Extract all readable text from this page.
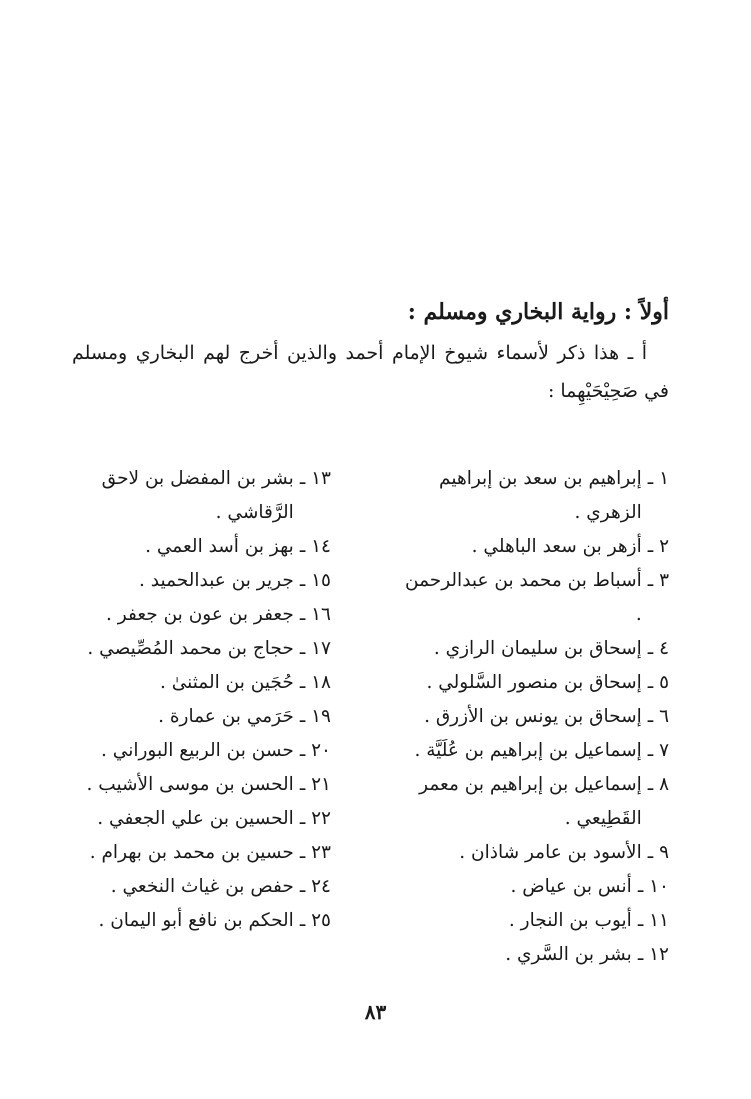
أولاً : رواية البخاري ومسلم :

أ ـ هذا ذكر لأسماء شيوخ الإمام أحمد والذين أخرج لهم البخاري ومسلم في صَحِيْحَيْهِما :

١ ـ
إبراهيم بن سعد بن إبراهيم الزهري .
٢ ـ
أزهر بن سعد الباهلي .
٣ ـ
أسباط بن محمد بن عبدالرحمن .
٤ ـ
إسحاق بن سليمان الرازي .
٥ ـ
إسحاق بن منصور السَّلولي .
٦ ـ
إسحاق بن يونس بن الأزرق .
٧ ـ
إسماعيل بن إبراهيم بن عُلَيَّة .
٨ ـ
إسماعيل بن إبراهيم بن معمر القَطِيعي .
٩ ـ
الأسود بن عامر شاذان .
١٠ ـ
أنس بن عياض .
١١ ـ
أيوب بن النجار .
١٢ ـ
بشر بن السَّري .
١٣ ـ
بشر بن المفضل بن لاحق الرَّقاشي .
١٤ ـ
بهز بن أسد العمي .
١٥ ـ
جرير بن عبدالحميد .
١٦ ـ
جعفر بن عون بن جعفر .
١٧ ـ
حجاج بن محمد المُصِّيصي .
١٨ ـ
حُجَين بن المثنىٰ .
١٩ ـ
حَرَمي بن عمارة .
٢٠ ـ
حسن بن الربيع البوراني .
٢١ ـ
الحسن بن موسى الأشيب .
٢٢ ـ
الحسين بن علي الجعفي .
٢٣ ـ
حسين بن محمد بن بهرام .
٢٤ ـ
حفص بن غياث النخعي .
٢٥ ـ
الحكم بن نافع أبو اليمان .

٨٣
